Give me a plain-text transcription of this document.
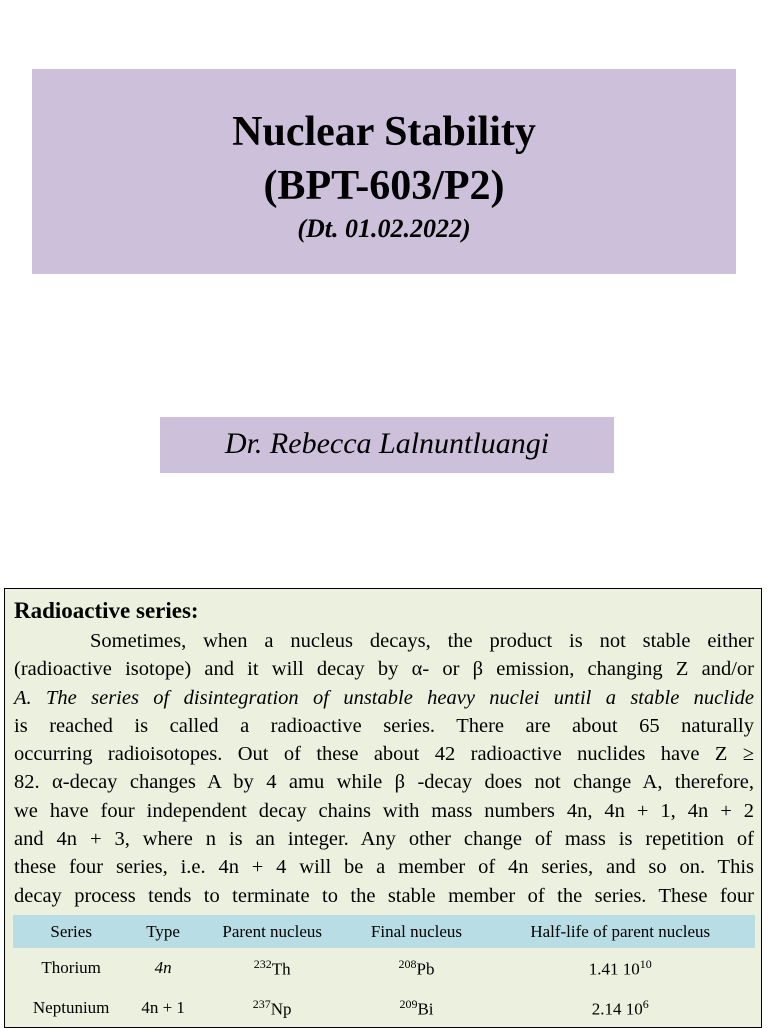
Nuclear Stability
(BPT-603/P2)
(Dt. 01.02.2022)
Dr. Rebecca Lalnuntluangi
Radioactive series:
Sometimes, when a nucleus decays, the product is not stable either
(radioactive isotope) and it will decay by α- or β emission, changing Z and/or
A. The series of disintegration of unstable heavy nuclei until a stable nuclide
is reached is called a radioactive series. There are about 65 naturally
occurring radioisotopes. Out of these about 42 radioactive nuclides have Z ≥
82. α-decay changes A by 4 amu while β -decay does not change A, therefore,
we have four independent decay chains with mass numbers 4n, 4n + 1, 4n + 2
and 4n + 3, where n is an integer. Any other change of mass is repetition of
these four series, i.e. 4n + 4 will be a member of 4n series, and so on. This
decay process tends to terminate to the stable member of the series. These four
Series	Type	Parent nucleus	Final nucleus	Half-life of parent nucleus
Thorium	4n	$^{232}$Th	$^{208}$Pb	1.41 $10^{10}$
Neptunium	4n + 1	$^{237}$Np	$^{209}$Bi	2.14 $10^6$
